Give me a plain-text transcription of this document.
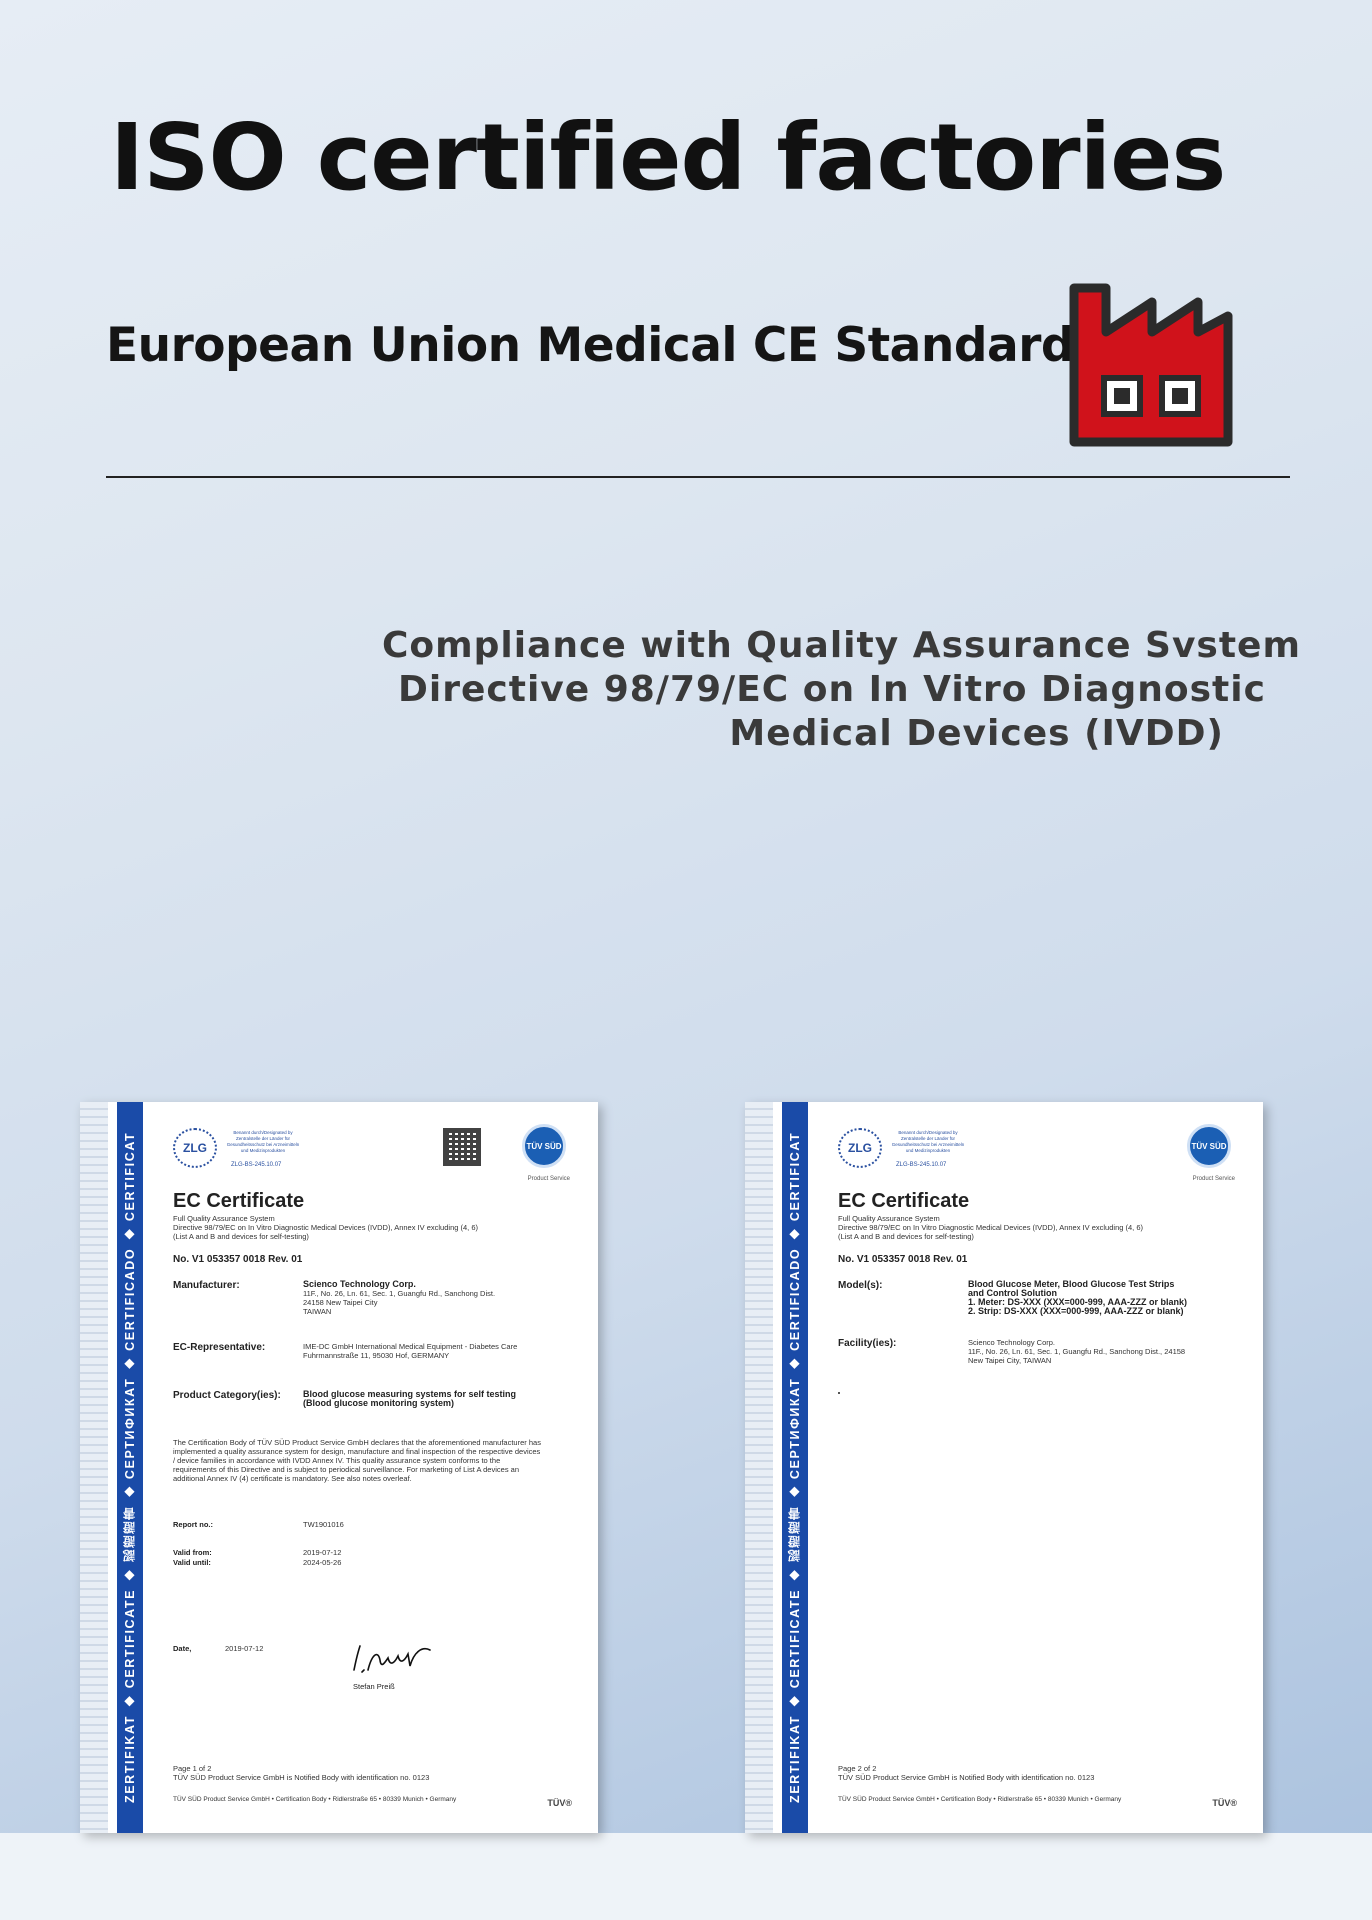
ISO certified factories
European Union Medical CE Standard
Compliance with Quality Assurance Svstem
Directive 98/79/EC on In Vitro Diagnostic
Medical Devices (IVDD)
ZERTIFIKAT ◆ CERTIFICATE ◆ 認證證書 ◆ СЕРТИФИКАТ ◆ CERTIFICADO ◆ CERTIFICAT	ZLG
Benannt durch/Designated by Zentralstelle der Länder für Gesundheitsschutz bei Arzneimitteln und Medizinprodukten
ZLG-BS-245.10.07
TÜV SÜD
Product Service
EC Certificate
Full Quality Assurance System
Directive 98/79/EC on In Vitro Diagnostic Medical Devices (IVDD), Annex IV excluding (4, 6)
(List A and B and devices for self-testing)
No. V1 053357 0018 Rev. 01
Manufacturer:	Scienco Technology Corp.
11F., No. 26, Ln. 61, Sec. 1, Guangfu Rd., Sanchong Dist.
24158 New Taipei City
TAIWAN
EC-Representative:	IME-DC GmbH International Medical Equipment - Diabetes Care
Fuhrmannstraße 11, 95030 Hof, GERMANY
Product Category(ies): Blood glucose measuring systems for self testing
(Blood glucose monitoring system)
The Certification Body of TÜV SÜD Product Service GmbH declares that the aforementioned manufacturer has implemented a quality assurance system for design, manufacture and final inspection of the respective devices / device families in accordance with IVDD Annex IV. This quality assurance system conforms to the requirements of this Directive and is subject to periodical surveillance. For marketing of List A devices an additional Annex IV (4) certificate is mandatory. See also notes overleaf.
Report no.:	TW1901016
Valid from:	2019-07-12
Valid until:	2024-05-26
Date,	2019-07-12
Stefan Preiß
Page 1 of 2
TÜV SÜD Product Service GmbH is Notified Body with identification no. 0123
TÜV SÜD Product Service GmbH • Certification Body • Ridlerstraße 65 • 80339 Munich • Germany	TÜV®	ZERTIFIKAT ◆ CERTIFICATE ◆ 認證證書 ◆ СЕРТИФИКАТ ◆ CERTIFICADO ◆ CERTIFICAT	ZLG
Benannt durch/Designated by Zentralstelle der Länder für Gesundheitsschutz bei Arzneimitteln und Medizinprodukten
ZLG-BS-245.10.07
TÜV SÜD
Product Service
EC Certificate
Full Quality Assurance System
Directive 98/79/EC on In Vitro Diagnostic Medical Devices (IVDD), Annex IV excluding (4, 6)
(List A and B and devices for self-testing)
No. V1 053357 0018 Rev. 01
Model(s):	Blood Glucose Meter, Blood Glucose Test Strips
and Control Solution
1. Meter: DS-XXX (XXX=000-999, AAA-ZZZ or blank)
2. Strip: DS-XXX (XXX=000-999, AAA-ZZZ or blank)
Facility(ies):	Scienco Technology Corp.
11F., No. 26, Ln. 61, Sec. 1, Guangfu Rd., Sanchong Dist., 24158
New Taipei City, TAIWAN
Page 2 of 2
TÜV SÜD Product Service GmbH is Notified Body with identification no. 0123
TÜV SÜD Product Service GmbH • Certification Body • Ridlerstraße 65 • 80339 Munich • Germany	TÜV®
